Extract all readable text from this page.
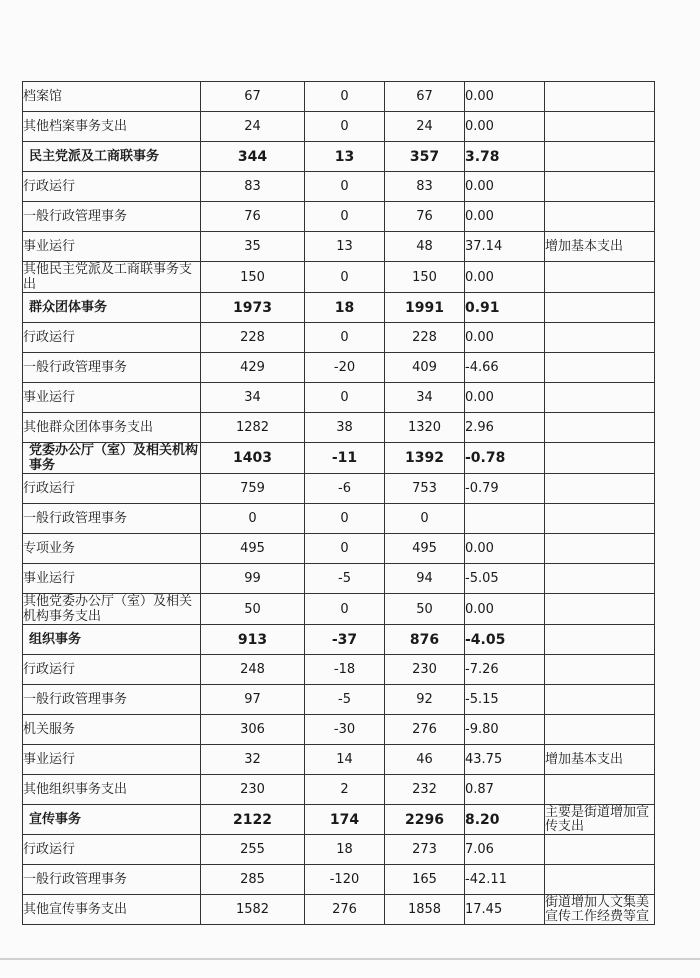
档案馆	67	0	67	0.00	
其他档案事务支出	24	0	24	0.00	
民主党派及工商联事务	344	13	357	3.78	
行政运行	83	0	83	0.00	
一般行政管理事务	76	0	76	0.00	
事业运行	35	13	48	37.14	增加基本支出
其他民主党派及工商联事务支出	150	0	150	0.00	
群众团体事务	1973	18	1991	0.91	
行政运行	228	0	228	0.00	
一般行政管理事务	429	-20	409	-4.66	
事业运行	34	0	34	0.00	
其他群众团体事务支出	1282	38	1320	2.96	
党委办公厅（室）及相关机构事务	1403	-11	1392	-0.78	
行政运行	759	-6	753	-0.79	
一般行政管理事务	0	0	0		
专项业务	495	0	495	0.00	
事业运行	99	-5	94	-5.05	
其他党委办公厅（室）及相关机构事务支出	50	0	50	0.00	
组织事务	913	-37	876	-4.05	
行政运行	248	-18	230	-7.26	
一般行政管理事务	97	-5	92	-5.15	
机关服务	306	-30	276	-9.80	
事业运行	32	14	46	43.75	增加基本支出
其他组织事务支出	230	2	232	0.87	
宣传事务	2122	174	2296	8.20	主要是街道增加宣传支出
行政运行	255	18	273	7.06	
一般行政管理事务	285	-120	165	-42.11	
其他宣传事务支出	1582	276	1858	17.45	街道增加人文集美宣传工作经费等宣
